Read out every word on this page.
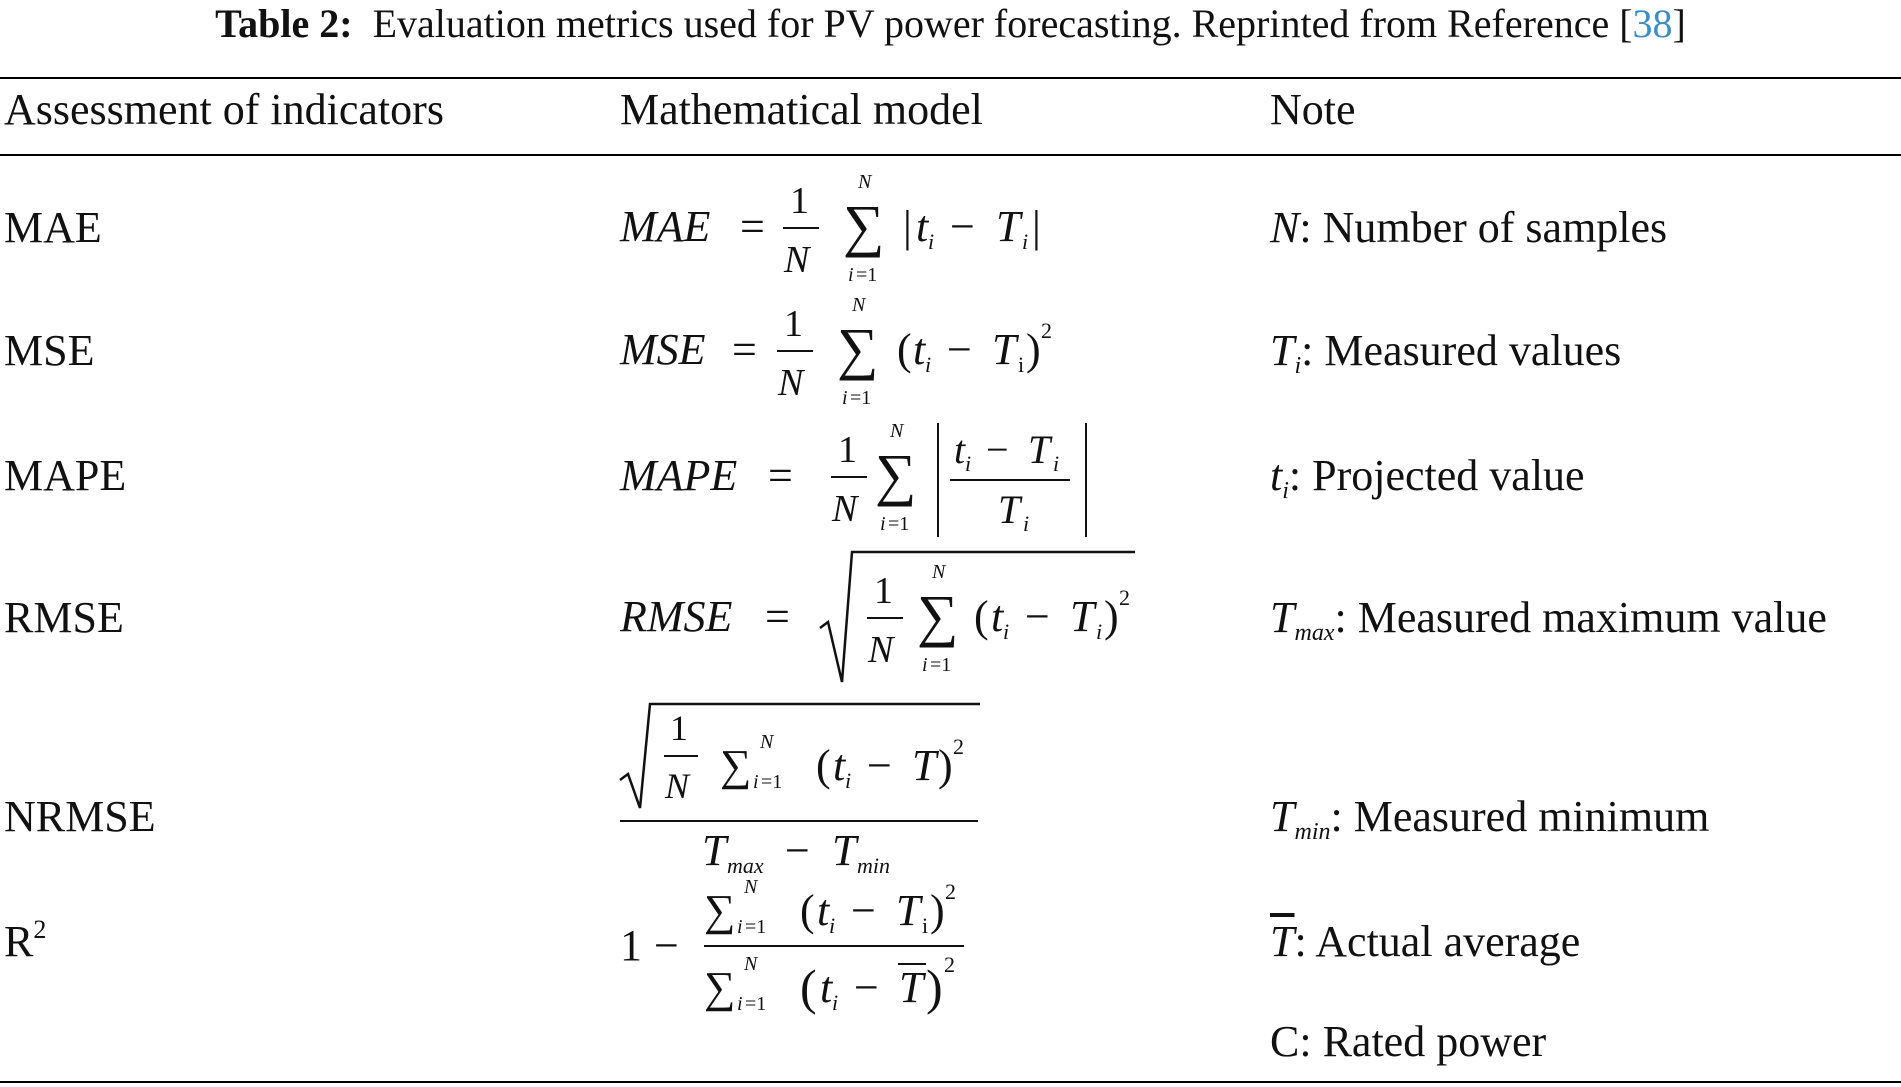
Table 2: Evaluation metrics used for PV power forecasting. Reprinted from Reference [38]
Assessment of indicators	Mathematical model	Note
MAE
MSE
MAPE
RMSE
NRMSE
$R^2$
N: Number of samples
$T_i$: Measured values
$t_i$: Projected value
$T_{max}$: Measured maximum value
$T_{min}$: Measured minimum
$\overline{T}$: Actual average
C: Rated power
MAE =
1
N
N
∑
i =1
| t i − T i |
MSE =
1
N
N
∑
i =1
( t i − T i ) 2
MAPE =
1
N
N
∑
i =1
t i − T i
T i
RMSE =
1
N
N
∑
i =1
( t i − T i ) 2
1
N ∑ N
i =1 ( t i − T ) 2
T max − T min
1 −
∑ N
i =1 ( t i − T i ) 2
∑ N
i =1 ( t i − T ) 2
